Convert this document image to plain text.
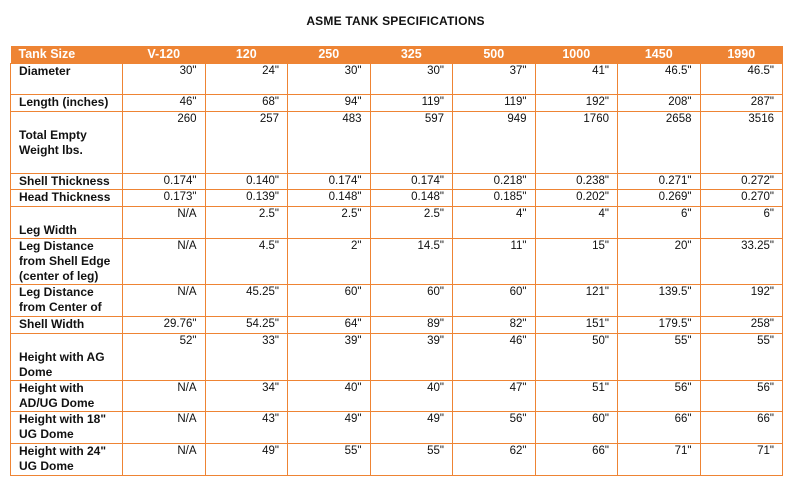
ASME TANK SPECIFICATIONS
Tank Size	V-120	120	250	325	500	1000	1450	1990
Diameter	30"	24"	30"	30"	37"	41"	46.5"	46.5"
Length (inches)	46"	68"	94"	119"	119"	192"	208"	287"
Total Empty Weight lbs.	260	257	483	597	949	1760	2658	3516
Shell Thickness	0.174"	0.140"	0.174"	0.174"	0.218"	0.238"	0.271"	0.272"
Head Thickness	0.173"	0.139"	0.148"	0.148"	0.185"	0.202"	0.269"	0.270"
Leg Width	N/A	2.5"	2.5"	2.5"	4"	4"	6"	6"
Leg Distance from Shell Edge (center of leg)	N/A	4.5"	2"	14.5"	11"	15"	20"	33.25"
Leg Distance from Center of	N/A	45.25"	60"	60"	60"	121"	139.5"	192"
Shell Width	29.76"	54.25"	64"	89"	82"	151"	179.5"	258"
Height with AG Dome	52"	33"	39"	39"	46"	50"	55"	55"
Height with AD/UG Dome	N/A	34"	40"	40"	47"	51"	56"	56"
Height with 18" UG Dome	N/A	43"	49"	49"	56"	60"	66"	66"
Height with 24" UG Dome	N/A	49"	55"	55"	62"	66"	71"	71"
